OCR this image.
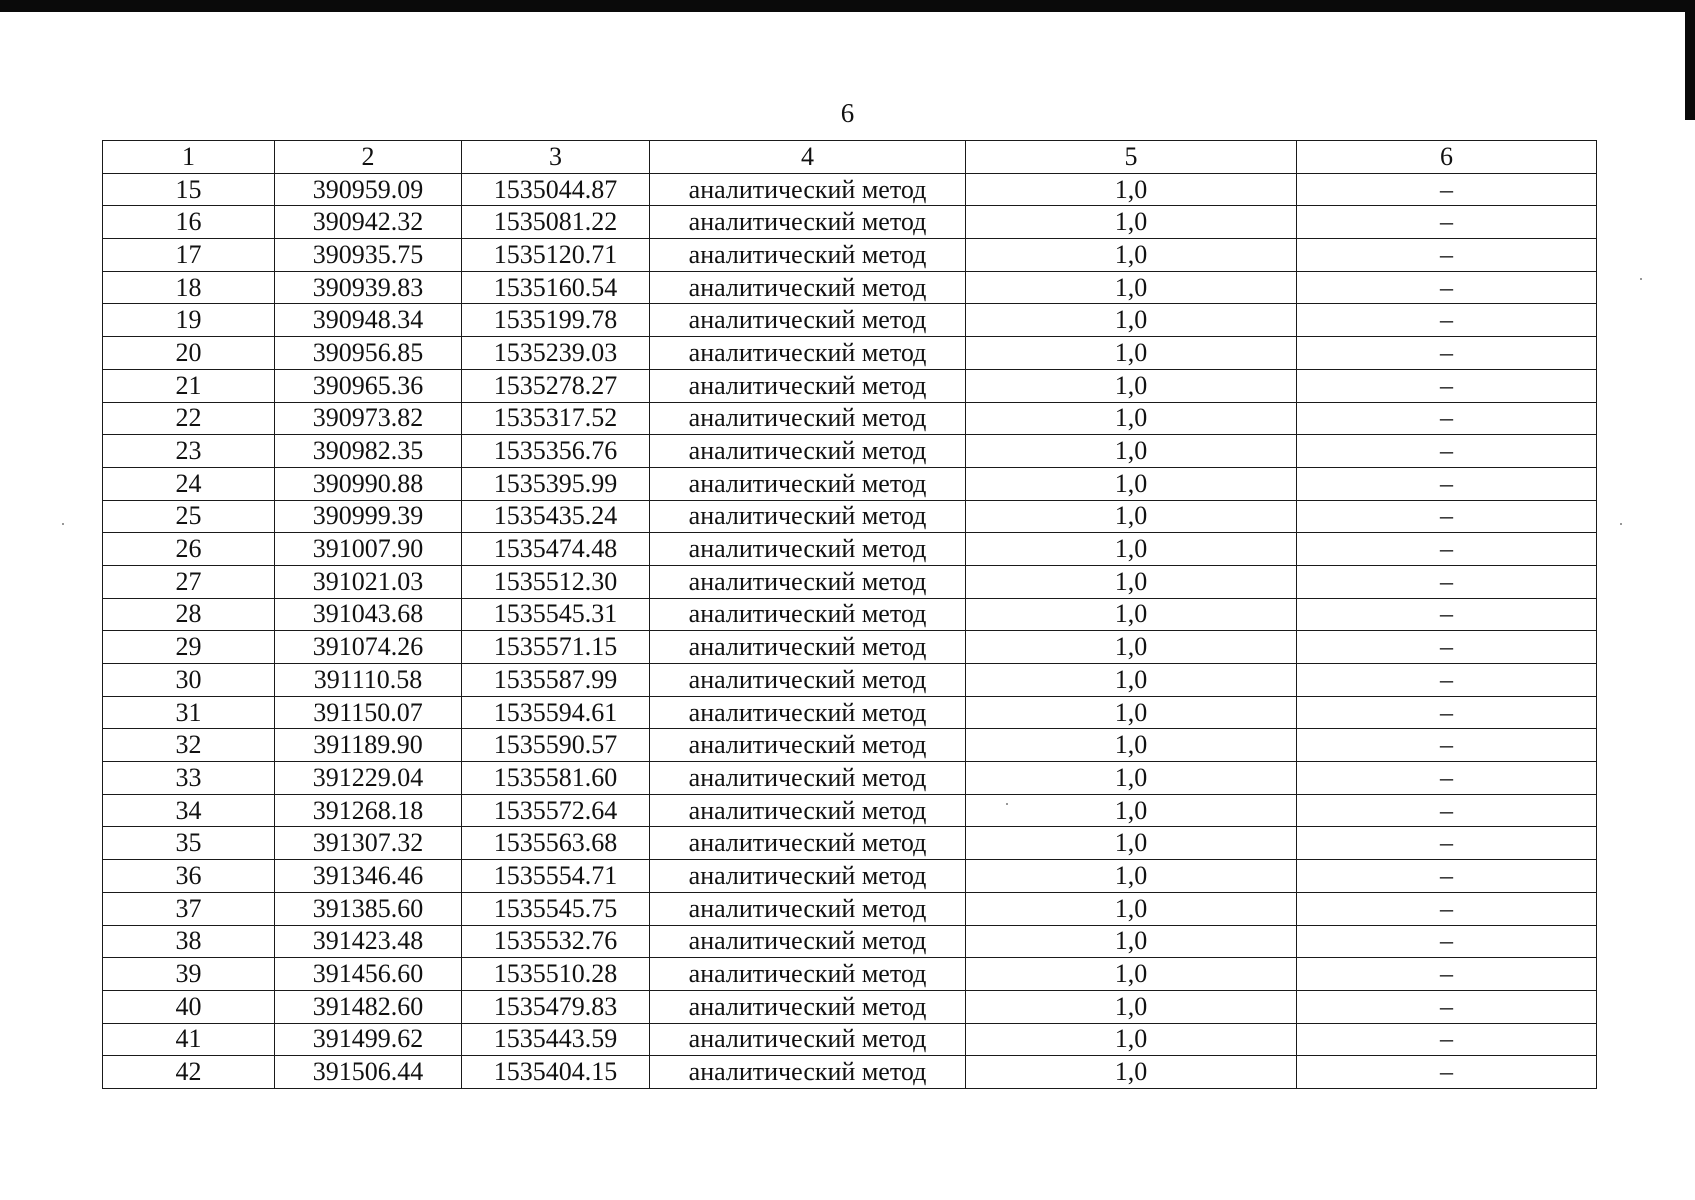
6
1	2	3	4	5	6
15	390959.09	1535044.87	аналитический метод	1,0	–
16	390942.32	1535081.22	аналитический метод	1,0	–
17	390935.75	1535120.71	аналитический метод	1,0	–
18	390939.83	1535160.54	аналитический метод	1,0	–
19	390948.34	1535199.78	аналитический метод	1,0	–
20	390956.85	1535239.03	аналитический метод	1,0	–
21	390965.36	1535278.27	аналитический метод	1,0	–
22	390973.82	1535317.52	аналитический метод	1,0	–
23	390982.35	1535356.76	аналитический метод	1,0	–
24	390990.88	1535395.99	аналитический метод	1,0	–
25	390999.39	1535435.24	аналитический метод	1,0	–
26	391007.90	1535474.48	аналитический метод	1,0	–
27	391021.03	1535512.30	аналитический метод	1,0	–
28	391043.68	1535545.31	аналитический метод	1,0	–
29	391074.26	1535571.15	аналитический метод	1,0	–
30	391110.58	1535587.99	аналитический метод	1,0	–
31	391150.07	1535594.61	аналитический метод	1,0	–
32	391189.90	1535590.57	аналитический метод	1,0	–
33	391229.04	1535581.60	аналитический метод	1,0	–
34	391268.18	1535572.64	аналитический метод	1,0	–
35	391307.32	1535563.68	аналитический метод	1,0	–
36	391346.46	1535554.71	аналитический метод	1,0	–
37	391385.60	1535545.75	аналитический метод	1,0	–
38	391423.48	1535532.76	аналитический метод	1,0	–
39	391456.60	1535510.28	аналитический метод	1,0	–
40	391482.60	1535479.83	аналитический метод	1,0	–
41	391499.62	1535443.59	аналитический метод	1,0	–
42	391506.44	1535404.15	аналитический метод	1,0	–
